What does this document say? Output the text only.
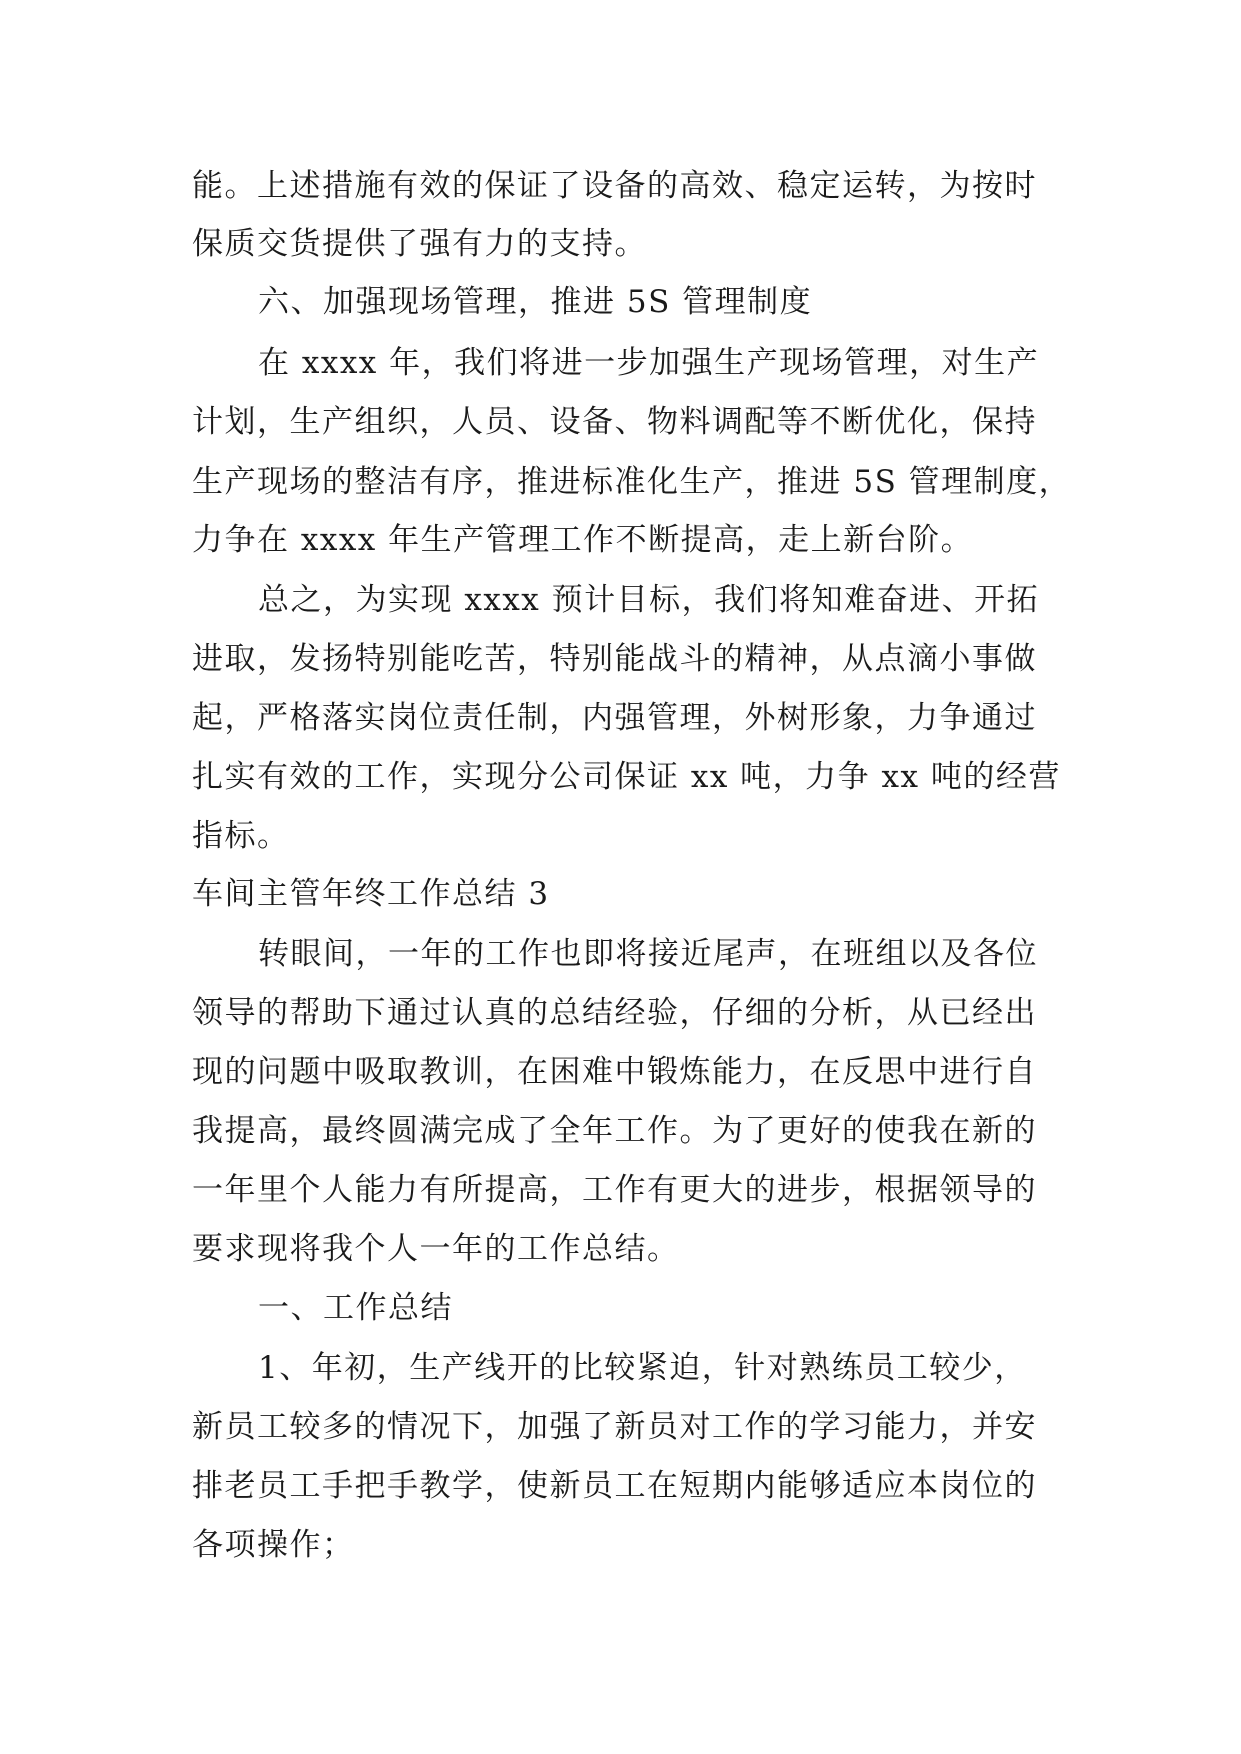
能。上述措施有效的保证了设备的高效、稳定运转，为按时
保质交货提供了强有力的支持。
六、加强现场管理，推进 5S 管理制度
在 xxxx 年，我们将进一步加强生产现场管理，对生产
计划，生产组织，人员、设备、物料调配等不断优化，保持
生产现场的整洁有序，推进标准化生产，推进 5S 管理制度，
力争在 xxxx 年生产管理工作不断提高，走上新台阶。
总之，为实现 xxxx 预计目标，我们将知难奋进、开拓
进取，发扬特别能吃苦，特别能战斗的精神，从点滴小事做
起，严格落实岗位责任制，内强管理，外树形象，力争通过
扎实有效的工作，实现分公司保证 xx 吨，力争 xx 吨的经营
指标。
车间主管年终工作总结 3
转眼间，一年的工作也即将接近尾声，在班组以及各位
领导的帮助下通过认真的总结经验，仔细的分析，从已经出
现的问题中吸取教训，在困难中锻炼能力，在反思中进行自
我提高，最终圆满完成了全年工作。为了更好的使我在新的
一年里个人能力有所提高，工作有更大的进步，根据领导的
要求现将我个人一年的工作总结。
一、工作总结
1、年初，生产线开的比较紧迫，针对熟练员工较少，
新员工较多的情况下，加强了新员对工作的学习能力，并安
排老员工手把手教学，使新员工在短期内能够适应本岗位的
各项操作；
